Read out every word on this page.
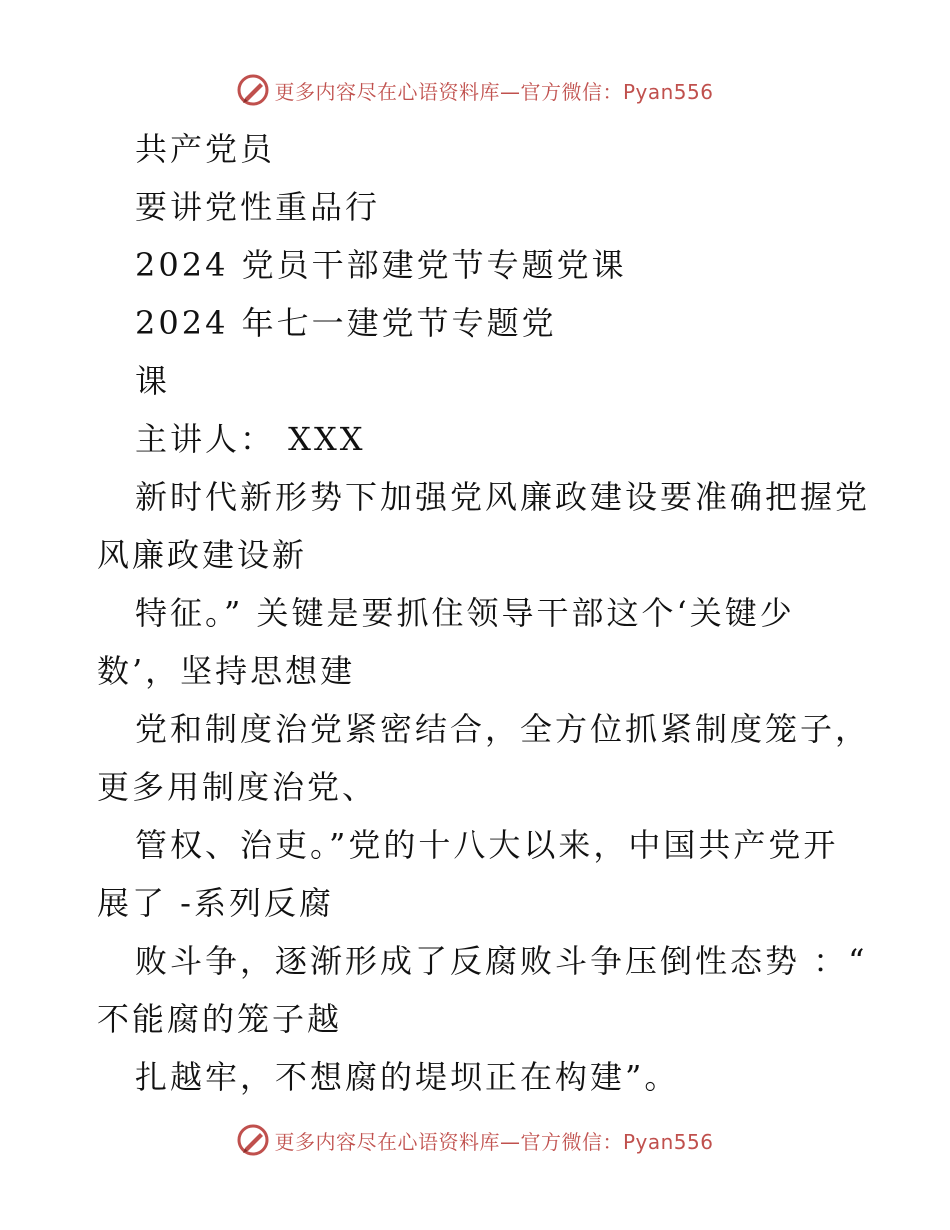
更多内容尽在心语资料库—官方微信：Pyan556
共产党员
要讲党性重品行
2024 党员干部建党节专题党课
2024 年七一建党节专题党
课
主讲人： XXX
新时代新形势下加强党风廉政建设要准确把握党
风廉政建设新
特征。” 关键是要抓住领导干部这个‘关键少
数’，坚持思想建
党和制度治党紧密结合，全方位抓紧制度笼子，
更多用制度治党、
管权、治吏。”党的十八大以来，中国共产党开
展了 -系列反腐
败斗争，逐渐形成了反腐败斗争压倒性态势 ：“
不能腐的笼子越
扎越牢，不想腐的堤坝正在构建”。
更多内容尽在心语资料库—官方微信：Pyan556
